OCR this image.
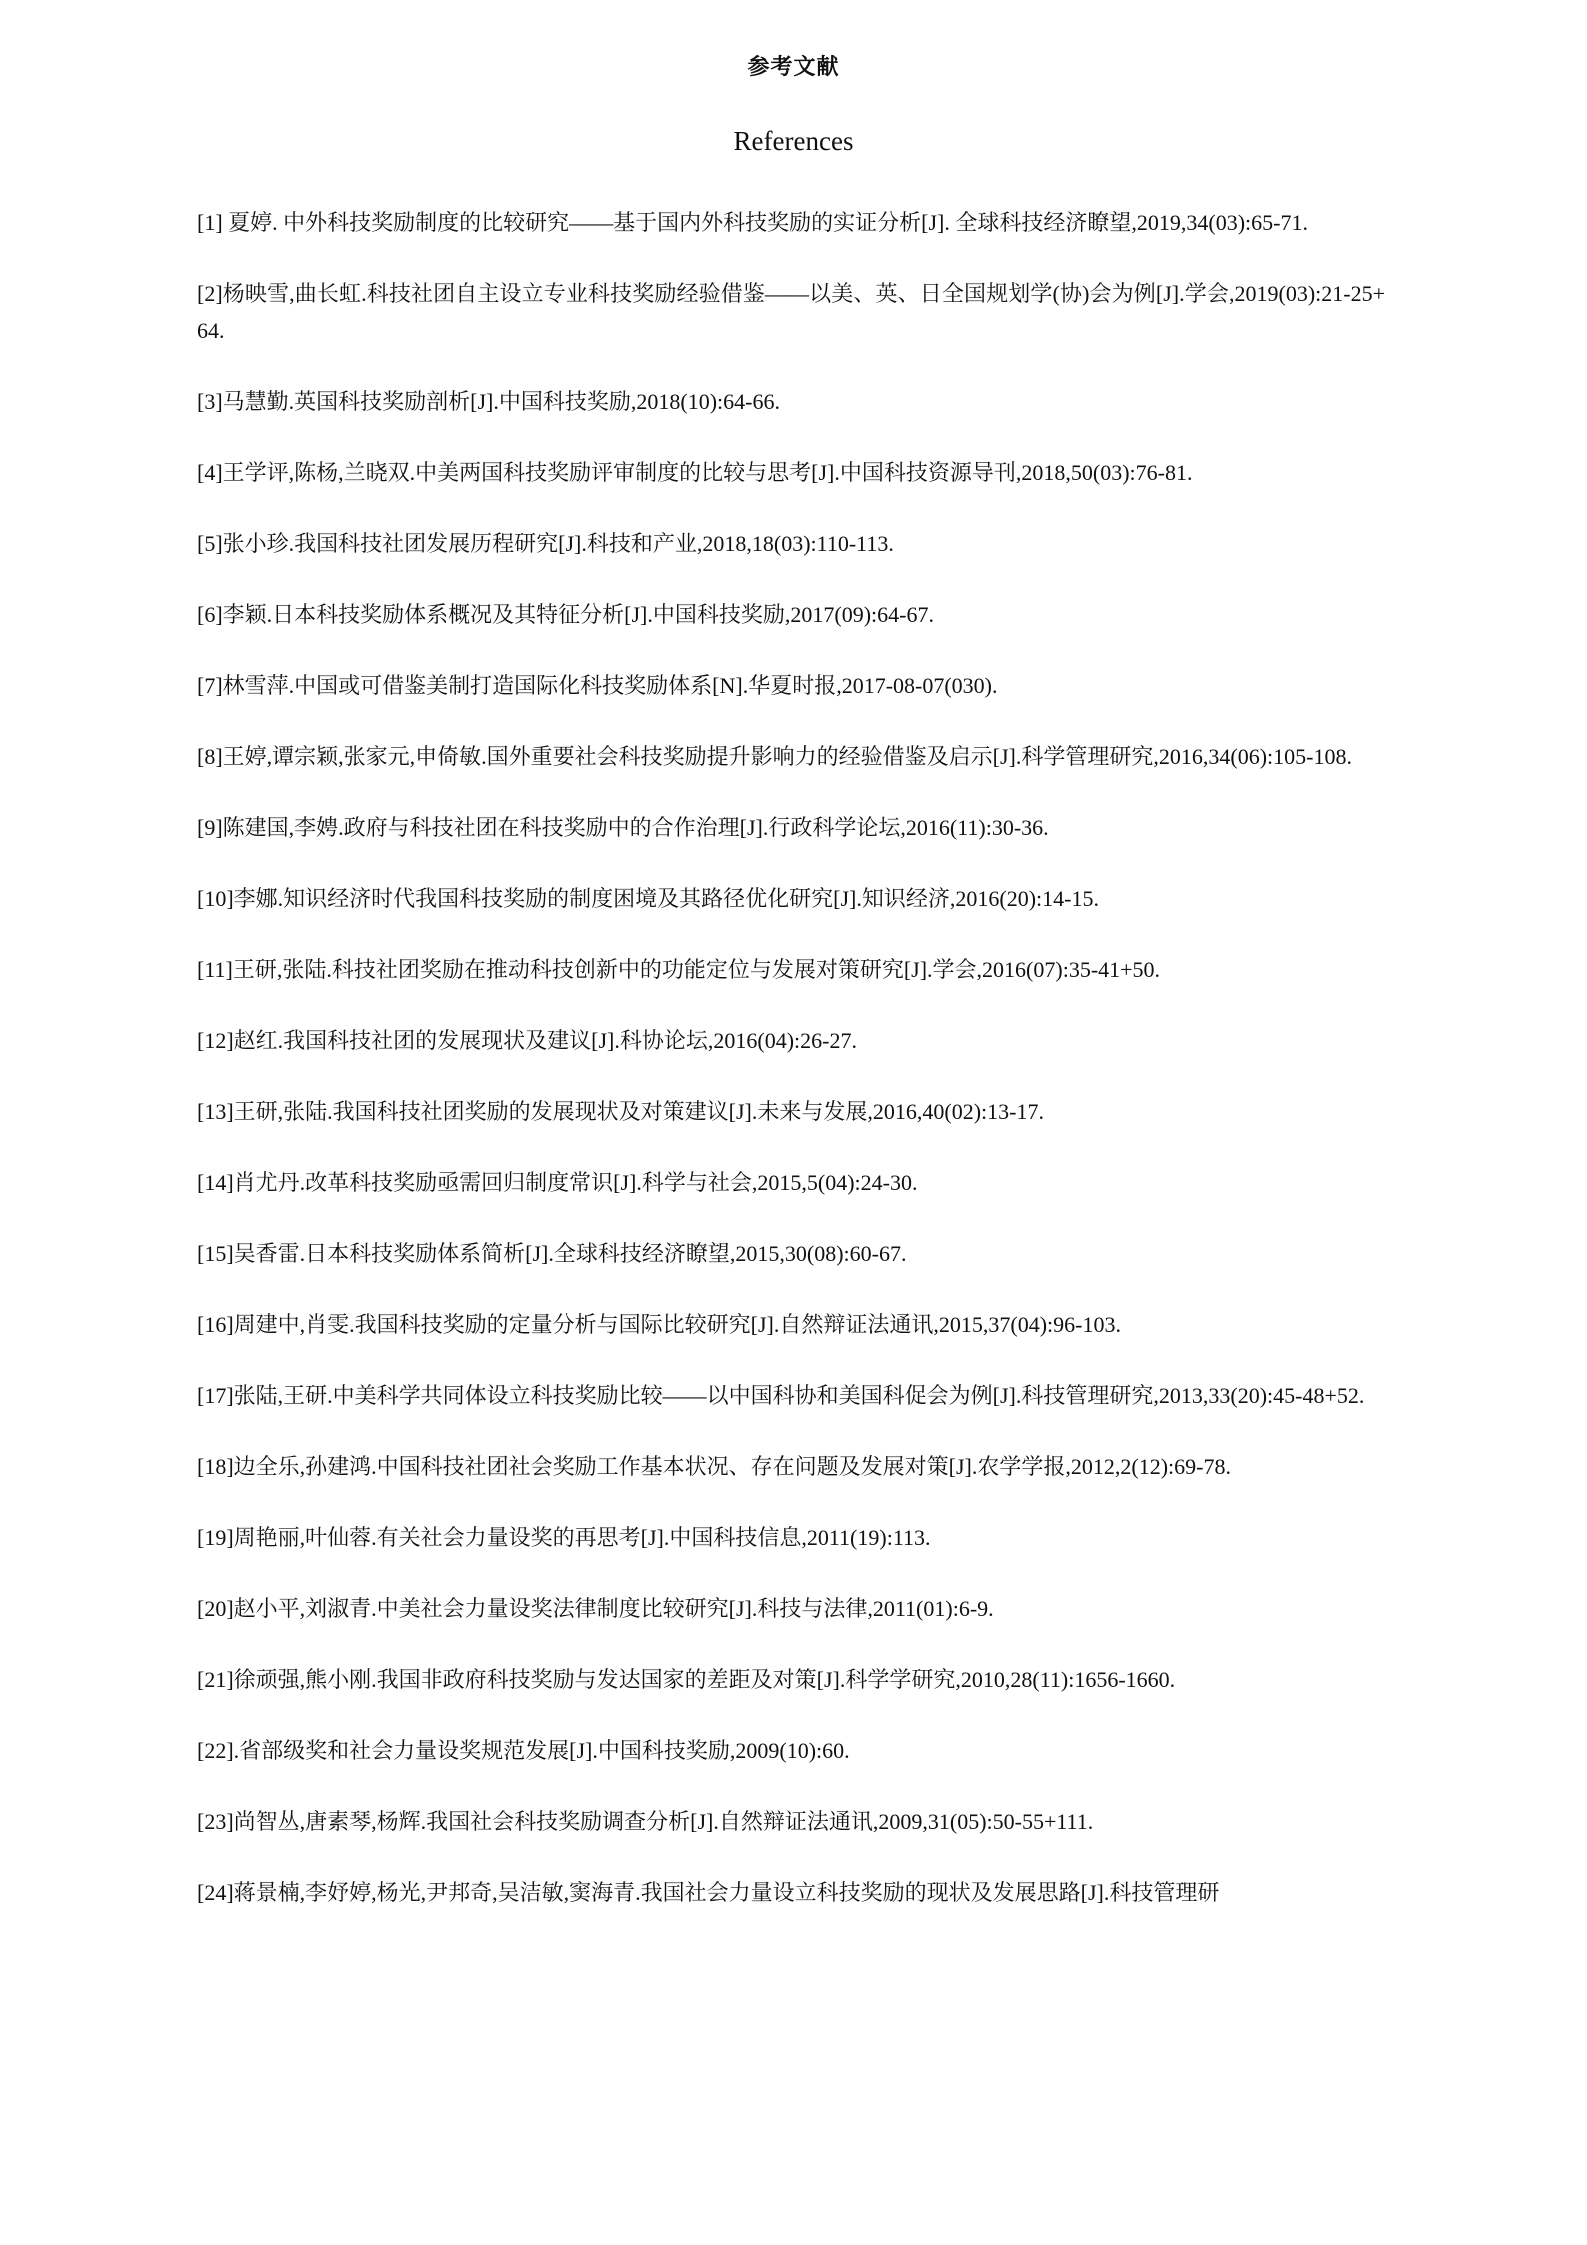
参考文献
References
[1] 夏婷. 中外科技奖励制度的比较研究——基于国内外科技奖励的实证分析[J]. 全球科技经济瞭望,2019,34(03):65-71.
[2]杨映雪,曲长虹.科技社团自主设立专业科技奖励经验借鉴——以美、英、日全国规划学(协)会为例[J].学会,2019(03):21-25+64.
[3]马慧勤.英国科技奖励剖析[J].中国科技奖励,2018(10):64-66.
[4]王学评,陈杨,兰晓双.中美两国科技奖励评审制度的比较与思考[J].中国科技资源导刊,2018,50(03):76-81.
[5]张小珍.我国科技社团发展历程研究[J].科技和产业,2018,18(03):110-113.
[6]李颖.日本科技奖励体系概况及其特征分析[J].中国科技奖励,2017(09):64-67.
[7]林雪萍.中国或可借鉴美制打造国际化科技奖励体系[N].华夏时报,2017-08-07(030).
[8]王婷,谭宗颖,张家元,申倚敏.国外重要社会科技奖励提升影响力的经验借鉴及启示[J].科学管理研究,2016,34(06):105-108.
[9]陈建国,李娉.政府与科技社团在科技奖励中的合作治理[J].行政科学论坛,2016(11):30-36.
[10]李娜.知识经济时代我国科技奖励的制度困境及其路径优化研究[J].知识经济,2016(20):14-15.
[11]王研,张陆.科技社团奖励在推动科技创新中的功能定位与发展对策研究[J].学会,2016(07):35-41+50.
[12]赵红.我国科技社团的发展现状及建议[J].科协论坛,2016(04):26-27.
[13]王研,张陆.我国科技社团奖励的发展现状及对策建议[J].未来与发展,2016,40(02):13-17.
[14]肖尤丹.改革科技奖励亟需回归制度常识[J].科学与社会,2015,5(04):24-30.
[15]吴香雷.日本科技奖励体系简析[J].全球科技经济瞭望,2015,30(08):60-67.
[16]周建中,肖雯.我国科技奖励的定量分析与国际比较研究[J].自然辩证法通讯,2015,37(04):96-103.
[17]张陆,王研.中美科学共同体设立科技奖励比较——以中国科协和美国科促会为例[J].科技管理研究,2013,33(20):45-48+52.
[18]边全乐,孙建鸿.中国科技社团社会奖励工作基本状况、存在问题及发展对策[J].农学学报,2012,2(12):69-78.
[19]周艳丽,叶仙蓉.有关社会力量设奖的再思考[J].中国科技信息,2011(19):113.
[20]赵小平,刘淑青.中美社会力量设奖法律制度比较研究[J].科技与法律,2011(01):6-9.
[21]徐顽强,熊小刚.我国非政府科技奖励与发达国家的差距及对策[J].科学学研究,2010,28(11):1656-1660.
[22].省部级奖和社会力量设奖规范发展[J].中国科技奖励,2009(10):60.
[23]尚智丛,唐素琴,杨辉.我国社会科技奖励调查分析[J].自然辩证法通讯,2009,31(05):50-55+111.
[24]蒋景楠,李妤婷,杨光,尹邦奇,吴洁敏,窦海青.我国社会力量设立科技奖励的现状及发展思路[J].科技管理研
